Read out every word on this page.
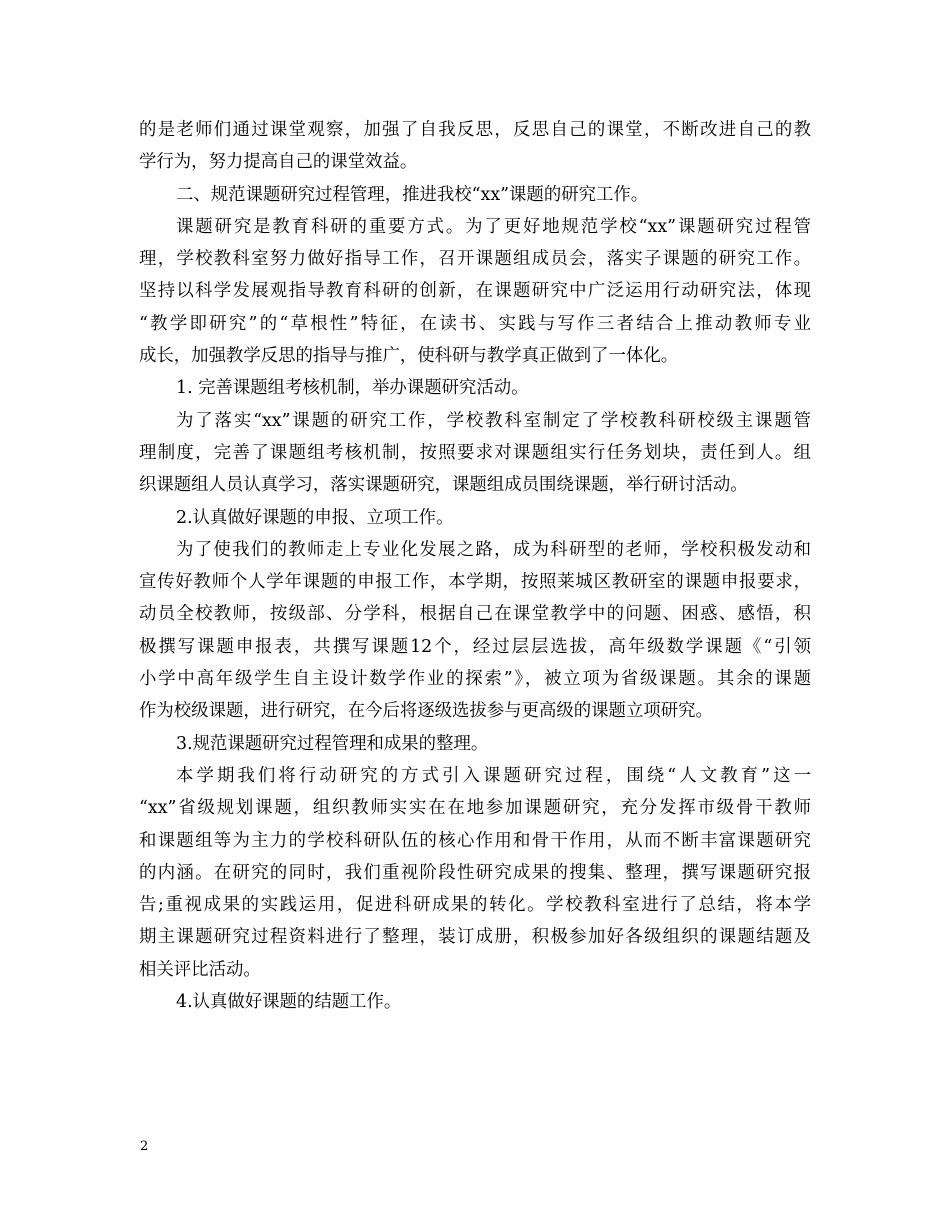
的是老师们通过课堂观察，加强了自我反思，反思自己的课堂，不断改进自己的教
学行为，努力提高自己的课堂效益。
二、规范课题研究过程管理，推进我校“xx”课题的研究工作。
课题研究是教育科研的重要方式。为了更好地规范学校“xx”课题研究过程管
理，学校教科室努力做好指导工作，召开课题组成员会，落实子课题的研究工作。
坚持以科学发展观指导教育科研的创新，在课题研究中广泛运用行动研究法，体现
“教学即研究”的“草根性”特征，在读书、实践与写作三者结合上推动教师专业
成长，加强教学反思的指导与推广，使科研与教学真正做到了一体化。
1. 完善课题组考核机制，举办课题研究活动。
为了落实“xx”课题的研究工作，学校教科室制定了学校教科研校级主课题管
理制度，完善了课题组考核机制，按照要求对课题组实行任务划块，责任到人。组
织课题组人员认真学习，落实课题研究，课题组成员围绕课题，举行研讨活动。
2.认真做好课题的申报、立项工作。
为了使我们的教师走上专业化发展之路，成为科研型的老师，学校积极发动和
宣传好教师个人学年课题的申报工作，本学期，按照莱城区教研室的课题申报要求，
动员全校教师，按级部、分学科，根据自己在课堂教学中的问题、困惑、感悟，积
极撰写课题申报表，共撰写课题12个，经过层层选拔，高年级数学课题《“引领
小学中高年级学生自主设计数学作业的探索”》，被立项为省级课题。其余的课题
作为校级课题，进行研究，在今后将逐级选拔参与更高级的课题立项研究。
3.规范课题研究过程管理和成果的整理。
本学期我们将行动研究的方式引入课题研究过程，围绕“人文教育”这一
“xx”省级规划课题，组织教师实实在在地参加课题研究，充分发挥市级骨干教师
和课题组等为主力的学校科研队伍的核心作用和骨干作用，从而不断丰富课题研究
的内涵。在研究的同时，我们重视阶段性研究成果的搜集、整理，撰写课题研究报
告;重视成果的实践运用，促进科研成果的转化。学校教科室进行了总结，将本学
期主课题研究过程资料进行了整理，装订成册，积极参加好各级组织的课题结题及
相关评比活动。
4.认真做好课题的结题工作。
2
